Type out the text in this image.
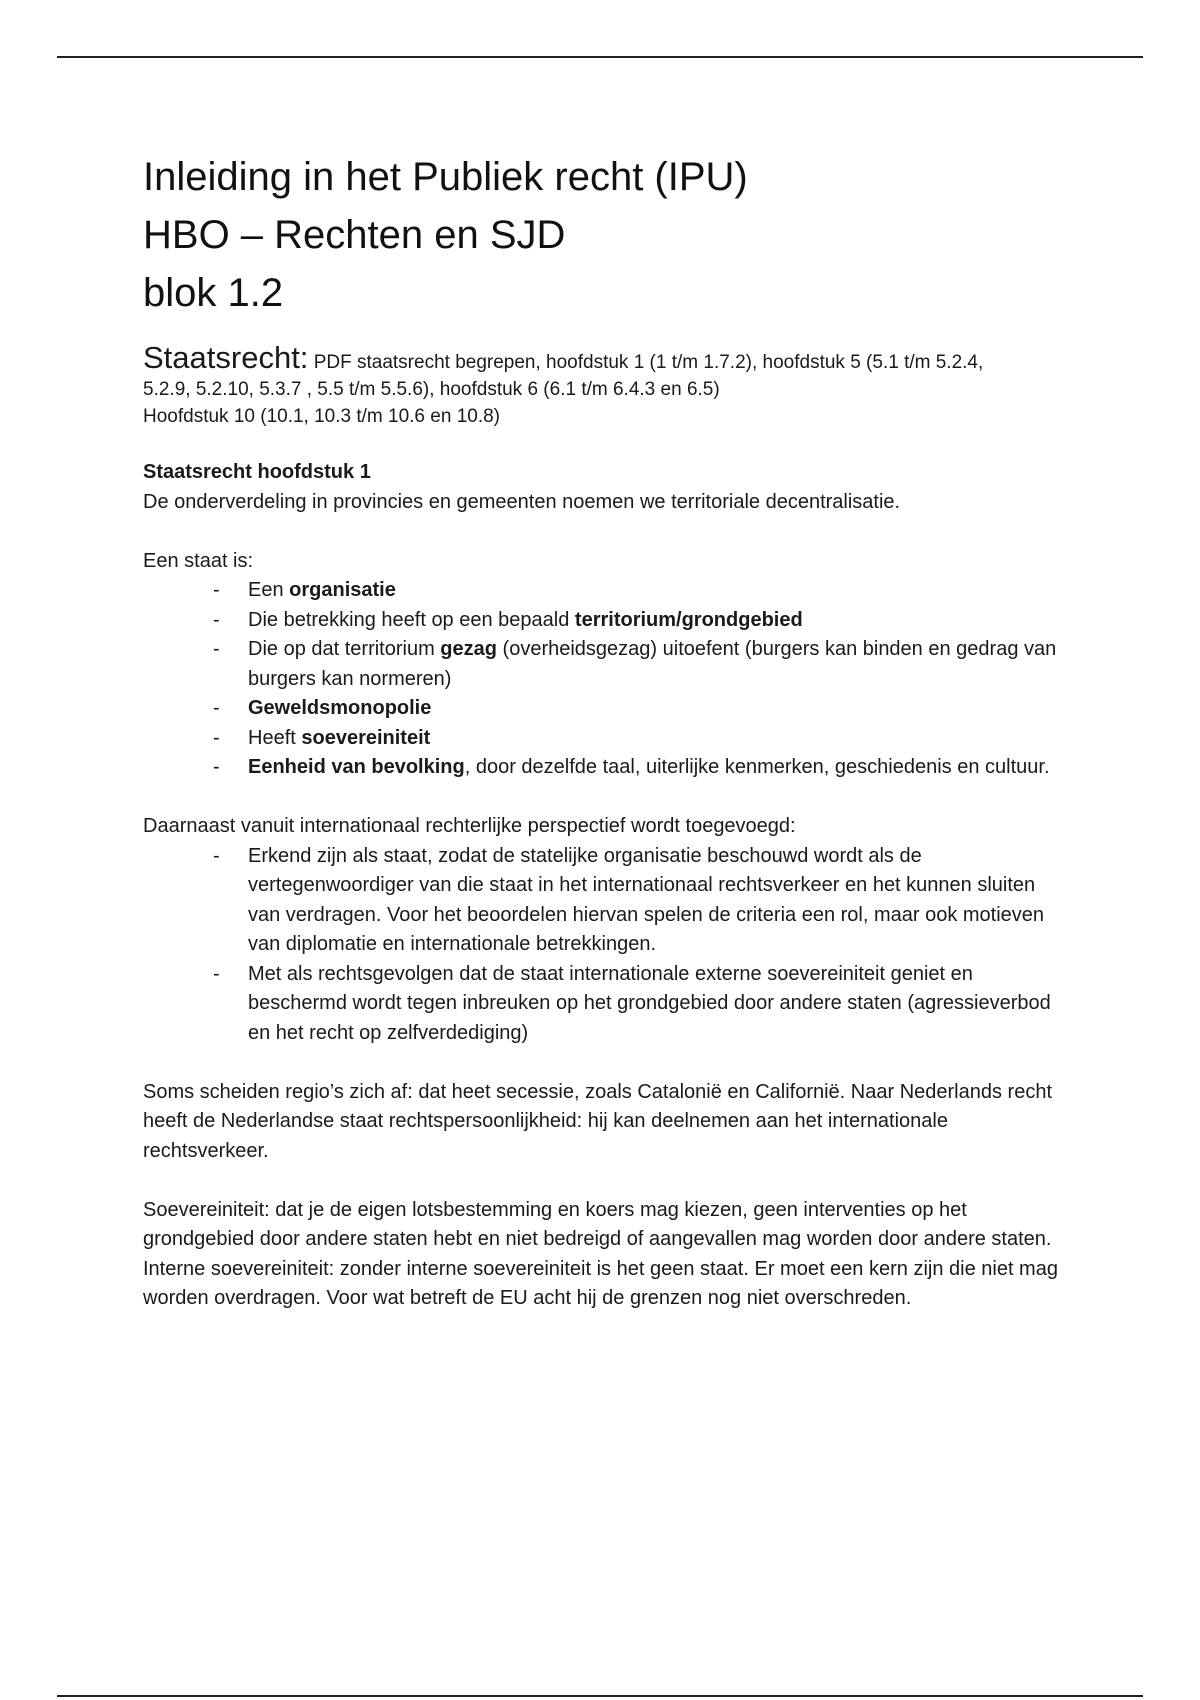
Inleiding in het Publiek recht (IPU)
HBO – Rechten en SJD
blok 1.2
Staatsrecht: PDF staatsrecht begrepen, hoofdstuk 1 (1 t/m 1.7.2), hoofdstuk 5 (5.1 t/m 5.2.4,
5.2.9, 5.2.10, 5.3.7 , 5.5 t/m 5.5.6), hoofdstuk 6 (6.1 t/m 6.4.3 en 6.5)
Hoofdstuk 10 (10.1, 10.3 t/m 10.6 en 10.8)
Staatsrecht hoofdstuk 1
De onderverdeling in provincies en gemeenten noemen we territoriale decentralisatie.
Een staat is:
- Een organisatie
- Die betrekking heeft op een bepaald territorium/grondgebied
- Die op dat territorium gezag (overheidsgezag) uitoefent (burgers kan binden en gedrag van burgers kan normeren)
- Geweldsmonopolie
- Heeft soevereiniteit
- Eenheid van bevolking, door dezelfde taal, uiterlijke kenmerken, geschiedenis en cultuur.
Daarnaast vanuit internationaal rechterlijke perspectief wordt toegevoegd:
- Erkend zijn als staat, zodat de statelijke organisatie beschouwd wordt als de vertegenwoordiger van die staat in het internationaal rechtsverkeer en het kunnen sluiten van verdragen. Voor het beoordelen hiervan spelen de criteria een rol, maar ook motieven van diplomatie en internationale betrekkingen.
- Met als rechtsgevolgen dat de staat internationale externe soevereiniteit geniet en beschermd wordt tegen inbreuken op het grondgebied door andere staten (agressieverbod en het recht op zelfverdediging)
Soms scheiden regio’s zich af: dat heet secessie, zoals Catalonië en Californië. Naar Nederlands recht heeft de Nederlandse staat rechtspersoonlijkheid: hij kan deelnemen aan het internationale rechtsverkeer.
Soevereiniteit: dat je de eigen lotsbestemming en koers mag kiezen, geen interventies op het grondgebied door andere staten hebt en niet bedreigd of aangevallen mag worden door andere staten.
Interne soevereiniteit: zonder interne soevereiniteit is het geen staat. Er moet een kern zijn die niet mag worden overdragen. Voor wat betreft de EU acht hij de grenzen nog niet overschreden.
